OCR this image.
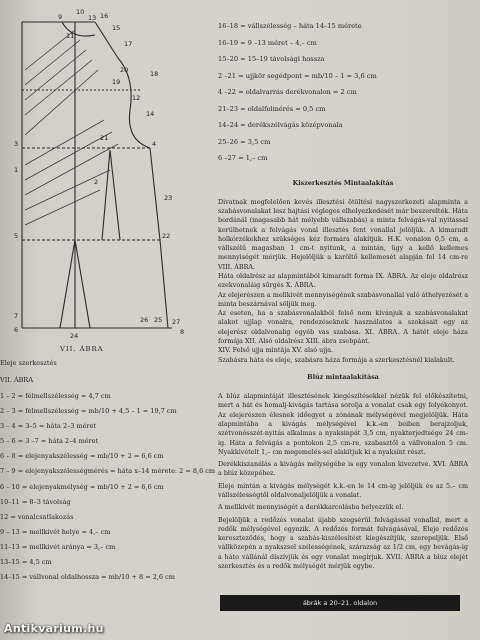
9
10
13 16
15
17
11
18
20
19
12
14
21
3	4
1
2
23
5	22
7
6
24
26 25 27
8
VII. ÁBRA
Eleje szerkesztés
VII. ÁBRA
1 – 2 = félmellszélesség = 4,7 cm
2 – 3 = félmellszélesség = mb/10 + 4,5 – 1 = 19,7 cm
3 – 4 = 3–5 = háta 2–3 méret
5 – 6 = 3 –7 = háta 2–4 méret
6 – 8 = elejenyakszélesség = mb/10 + 2 = 6,6 cm
7 – 9 = elejenyakszélességmérés = háta x–14 mérete: 2 = 8,6 cm
6 – 10 = elejenyakmélység = mb/10 + 2 = 6,6 cm
10–11 = 8–3 távolság
12 = vonalcsatlakozás
9 – 13 = mellkivét helye = 4,– cm
11–13 = mellkivét aránya = 3,– cm
13–15 = 4,5 cm
14–15 = vállvonal oldalhossza = mb/10 + 8 = 2,6 cm
16–18 = vállszélesség – háta 14–15 mérete
16–19 = 9 –13 méret – 4,– cm
15–20 = 15–19 távolsági hossza
2 –21 = ujjkör segédpont = mb/10 – 1 = 3,6 cm
4 –22 = oldalvarrás derékvonalon = 2 cm
21–23 = oldalfelmérés = 0,5 cm
14–24 = derékszélvágás középvonala
25–26 = 3,5 cm
6 –27 = 1,– cm
Kiszerkesztés Mintaalakítás

Divatnak megfelelően kevés illesztési ötöltési nagyszerkezeti alapminta a szabásvonalakat lesz hajtási végleges elhelyezkedését már beszerelték. Háta bordánál (magasabb hát mélyebb vállszabás) a minta felvágás-val nyitással kerülhetnek a felvágás vonal illesztés fent vonallal jelöljük. A kimaradt holkórzékekhez szükséges kéz formára alakítjuk. H.K. vonalon 0,5 cm, a vállszélű magasban 1 cm-t nyitunk, a mintán, ügy a kellő kellemes mennyiségét mérjük. Hejelöljük a karöltő kellemesét alapján fel 14 cm-re VIII. ÁBRA.

Háta oldalrész az alapmintából kimaradt forma IX. ÁBRA. Az eleje oldalrész ezekvonaláig sűrgés X. ÁBRA.

Az elejerészen a mellkivét mennyiségének szabásvonallal való áthelyezését a minta beszárnával söljük meg.

Az eseten, ha a szabásvonalakból felső nem kívánjuk a szabásvonalakat alakot ujjlap vonalra, rendezéseknek használatos a szokásait egy az elejerész oldalvonalig egyéb vas szabása. XI. ÁBRA. A hátét eleje háza formája XII. Alsó oldalrész XIII. ábra zsebpánt.

XIV. Felső ujja mintája XV. alsó ujja.

Szabásra háta és eleje, szabásra háza formája a szerkesztésnél kialakult.

Blúz mintaalakítása

A blúz alapmintáját illesztésének kiegészítésekkel nézük fel előkészítetni, mert a hát és homalj-kivágás tartása sorolja a vonalat csak egy folyékonyot. Az elejerészen élesnek időegyet a zónának mélységével megjelöljük. Háta alapmintába a kivágás mélységével k.k.-en beiben berajzoljuk, szétvonósszét-nyitás alkalmas a nyaksinpát 3,5 cm, nyakterjedtsége 24 cm-ig. Háta a felvágás a pontokon 2,5 cm-re, szabasztől a vállvonalon 5 cm. Nyakkivételt 1,– cm megemelés-sel alakítjuk ki a nyaksínt részt.

Derékkiszanálás a kivágás mélységébe is egy vonalon kivezetve. XVI. ÁBRA a blúz közepéhez.

Eleje mintán a kivágás mélységét k.k.-en le 14 cm-ig jelöljük és az 5.– cm vállszélességtől oldalvonaljelöljük a vonalat.

A mellkivét mennyiségét a derékkarcolásba helyezzük el.

Bejelöljük a redőzés vonalat újabb szegsérül felvágással vonallal, mert a redők mélységével egyezik. A redőzés formát felvágásával, Eleje redőzés kereszteződés, hogy a szabás-kiszélesítést kiegészítjük, szerepeljük. Első vállközepén a nyakszsel szélességének, szárazság az 1/2 cm, egy bevágás-ig a háto vállánál díszívjük és egy vonalat megírjuk. XVII. ÁBRA a blúz elejét szerkesztés és a redők mélységét mérjük egybe.

ábrák a 20–21. oldalon
Antikvarium.hu
